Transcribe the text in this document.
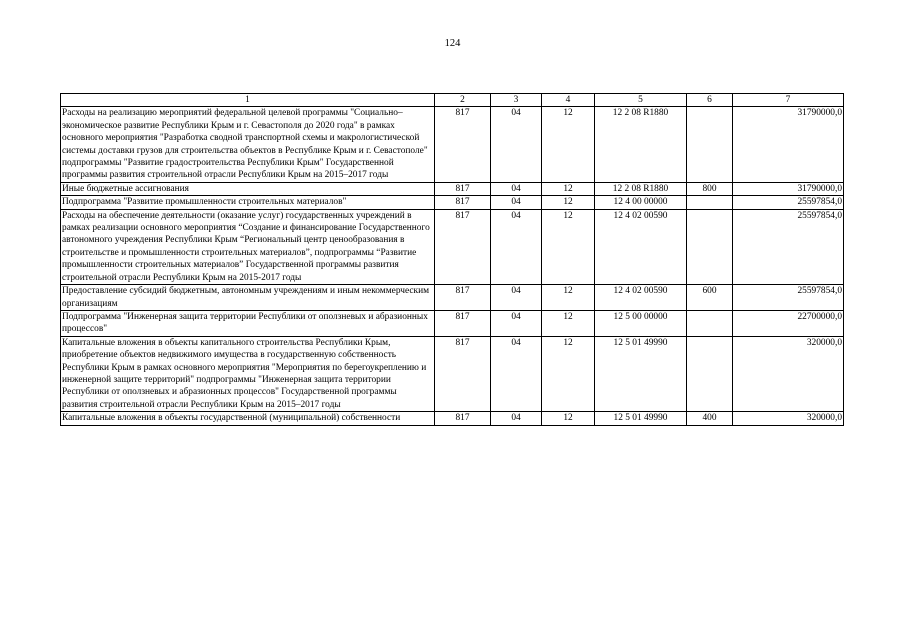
124
1	2	3	4	5	6	7
Расходы на реализацию мероприятий федеральной целевой программы "Социально–экономическое развитие Республики Крым и г. Севастополя до 2020 года" в рамках основного мероприятия "Разработка сводной транспортной схемы и макрологистической системы доставки грузов для строительства объектов в Республике Крым и г. Севастополе" подпрограммы "Развитие градостроительства Республики Крым" Государственной программы развития строительной отрасли Республики Крым на 2015–2017 годы	817	04	12	12 2 08 R1880		31790000,0
Иные бюджетные ассигнования	817	04	12	12 2 08 R1880	800	31790000,0
Подпрограмма "Развитие промышленности строительных материалов"	817	04	12	12 4 00 00000		25597854,0
Расходы на обеспечение деятельности (оказание услуг) государственных учреждений в рамках реализации основного мероприятия “Создание и финансирование Государственного автономного учреждения Республики Крым “Региональный центр ценообразования в строительстве и промышленности строительных материалов”, подпрограммы “Развитие промышленности строительных материалов” Государственной программы развития строительной отрасли Республики Крым на 2015-2017 годы	817	04	12	12 4 02 00590		25597854,0
Предоставление субсидий бюджетным, автономным учреждениям и иным некоммерческим организациям	817	04	12	12 4 02 00590	600	25597854,0
Подпрограмма "Инженерная защита территории Республики от оползневых и абразионных процессов"	817	04	12	12 5 00 00000		22700000,0
Капитальные вложения в объекты капитального строительства Республики Крым, приобретение объектов недвижимого имущества в государственную собственность Республики Крым в рамках основного мероприятия "Мероприятия по берегоукреплению и инженерной защите территорий" подпрограммы "Инженерная защита территории Республики от оползневых и абразионных процессов" Государственной программы развития строительной отрасли Республики Крым на 2015–2017 годы	817	04	12	12 5 01 49990		320000,0
Капитальные вложения в объекты государственной (муниципальной) собственности	817	04	12	12 5 01 49990	400	320000,0
